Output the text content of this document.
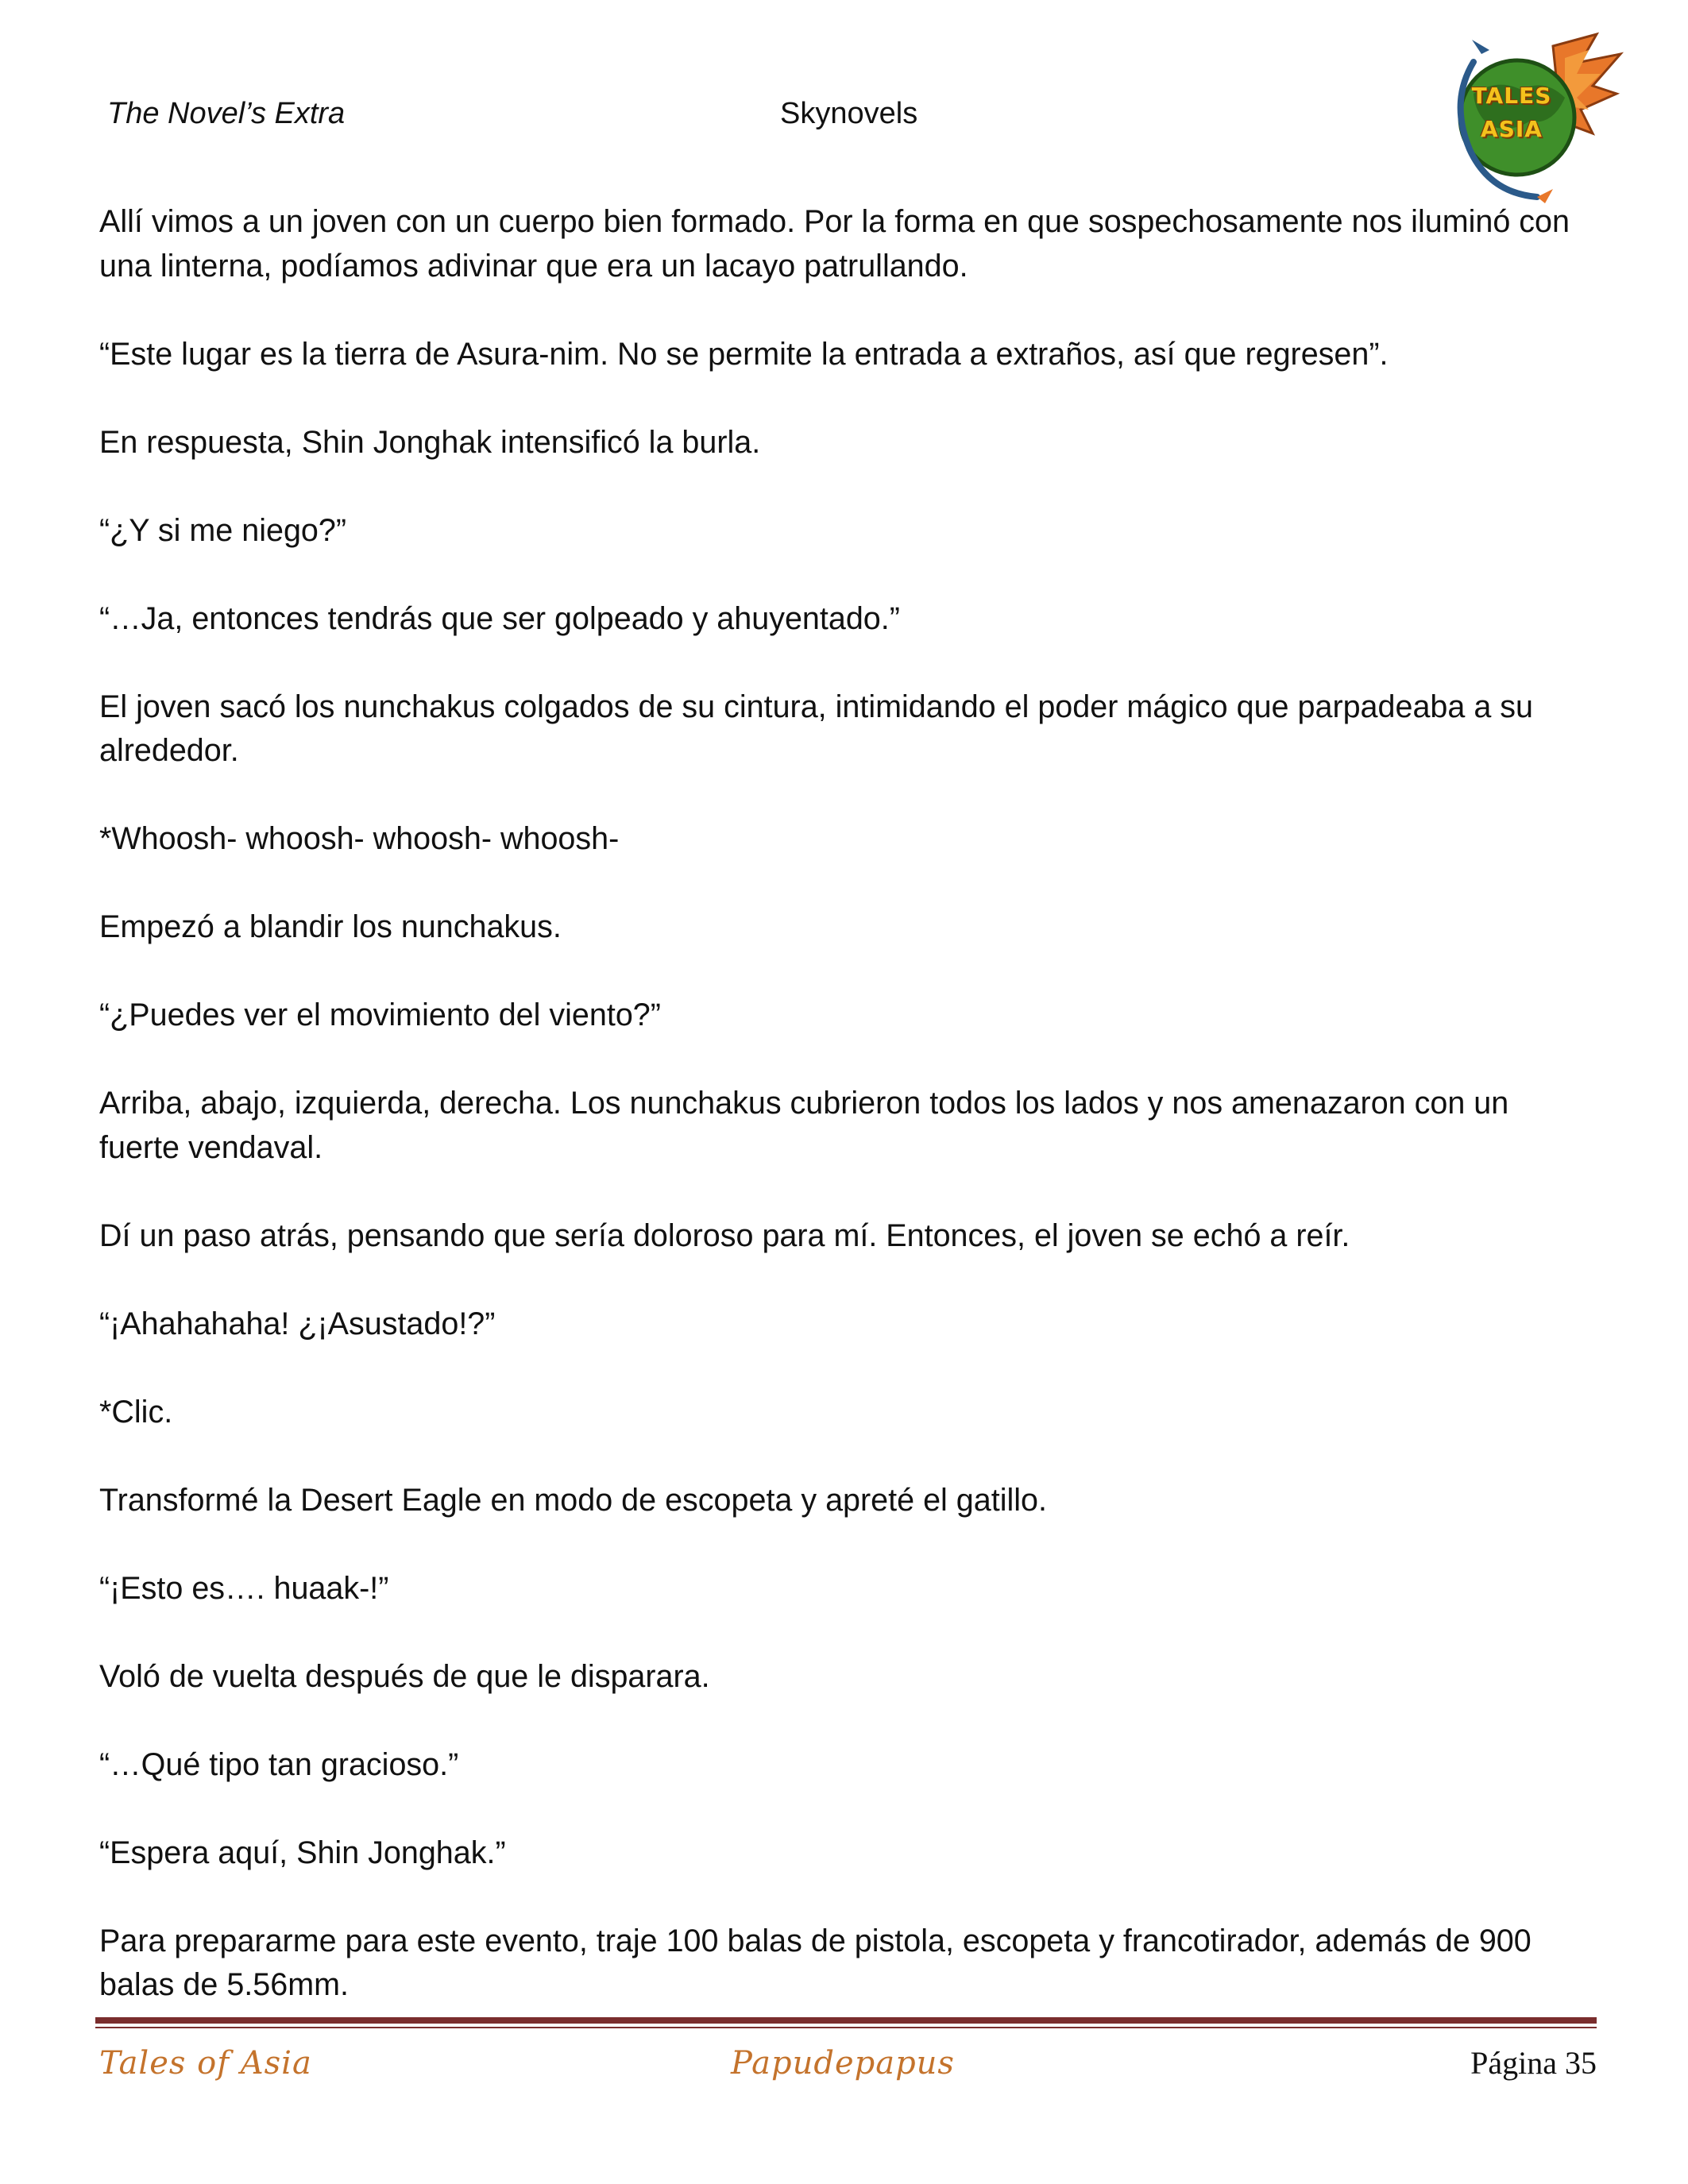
The Novel’s Extra	Skynovels
TALES
ASIA

Allí vimos a un joven con un cuerpo bien formado. Por la forma en que sospechosamente nos iluminó con una linterna, podíamos adivinar que era un lacayo patrullando.

“Este lugar es la tierra de Asura-nim. No se permite la entrada a extraños, así que regresen”.

En respuesta, Shin Jonghak intensificó la burla.

“¿Y si me niego?”

“…Ja, entonces tendrás que ser golpeado y ahuyentado.”

El joven sacó los nunchakus colgados de su cintura, intimidando el poder mágico que parpadeaba a su alrededor.

*Whoosh- whoosh- whoosh- whoosh-

Empezó a blandir los nunchakus.

“¿Puedes ver el movimiento del viento?”

Arriba, abajo, izquierda, derecha. Los nunchakus cubrieron todos los lados y nos amenazaron con un fuerte vendaval.

Dí un paso atrás, pensando que sería doloroso para mí. Entonces, el joven se echó a reír.

“¡Ahahahaha! ¿¡Asustado!?”

*Clic.

Transformé la Desert Eagle en modo de escopeta y apreté el gatillo.

“¡Esto es…. huaak-!”

Voló de vuelta después de que le disparara.

“…Qué tipo tan gracioso.”

“Espera aquí, Shin Jonghak.”

Para prepararme para este evento, traje 100 balas de pistola, escopeta y francotirador, además de 900 balas de 5.56mm.

Tales of Asia	Papudepapus	Página 35
